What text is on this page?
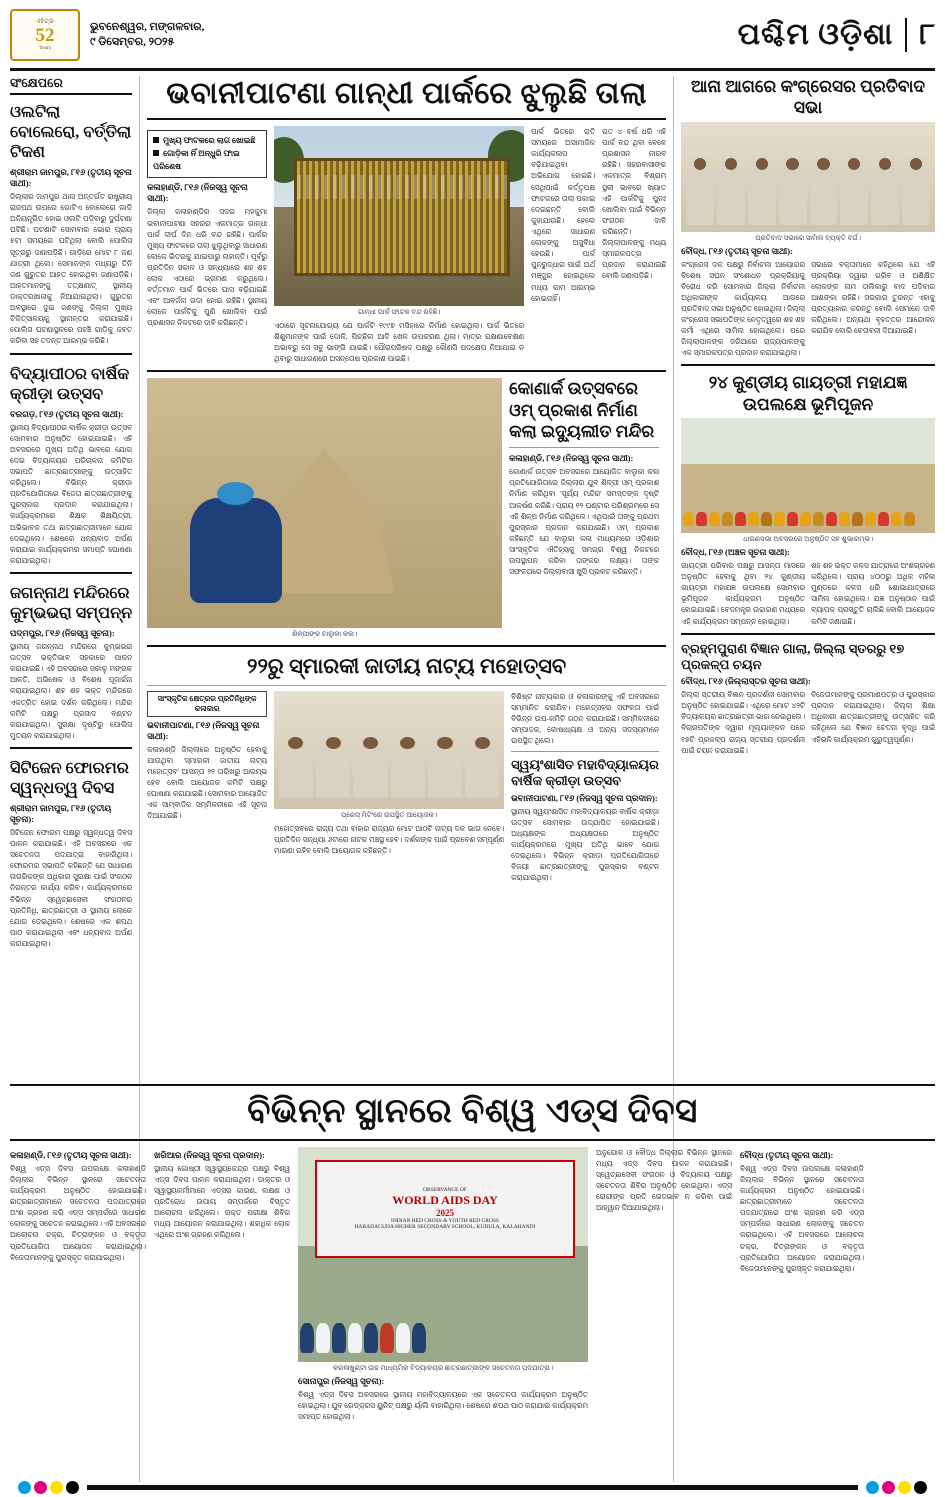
ଏହିତ୍ର
52
Years
ଭୁବନେଶ୍ୱର, ମଙ୍ଗଳବାର,
୯ ଡିସେମ୍ବର, ୨୦୨୫	ପଶ୍ଚିମ ଓଡ଼ିଶା ୮
ସଂକ୍ଷେପରେ
ଓଲଟିଲା ବୋଲେରୋ, ବର୍ତ୍ତିଲା ଟିକଣ
ଶ୍ରୀରାମ ଜାମପୁର, ୮୧୬ (ତୃତୀୟ ସୂଚନା ସାଥୀ):
ଜିଲ୍ଲାର ଜାମପୁର ଥାନା ଅନ୍ତର୍ଗତ ରାଷ୍ଟ୍ରୀୟ ରାଜପଥ ଉପରେ ଗୋଟିଏ ବୋଲେରୋ ଗାଡ଼ି ଅନିୟନ୍ତ୍ରିତ ହୋଇ ଓଲଟି ପଡ଼ିବାରୁ ଦୁର୍ଘଟଣା ଘଟିଛି। ଘଟଣାଟି ସୋମବାର ଭୋର ପ୍ରାୟ ୫ଟା ସମୟରେ ଘଟିଥିଲା ବୋଲି ପୋଲିସ ସୂତ୍ରରୁ ଜଣାପଡ଼ିଛି। ଗାଡ଼ିରେ ମୋଟ ୮ ଜଣ ଯାତ୍ରୀ ଥିଲେ। ସେମାନଙ୍କ ମଧ୍ୟରୁ ତିନି ଜଣ ଗୁରୁତର ଆହତ ହୋଇଥିବା ଜଣାପଡ଼ିଛି। ଆହତମାନଙ୍କୁ ତତ୍‌କ୍ଷଣାତ୍ ସ୍ଥାନୀୟ ଡାକ୍ତରଖାନାକୁ ନିଆଯାଇଥିଲା। ଗୁରୁତର ଅବସ୍ଥାରେ ଦୁଇ ଜଣଙ୍କୁ ଜିଲ୍ଲା ମୁଖ୍ୟ ଚିକିତ୍ସାଳୟକୁ ସ୍ଥାନାନ୍ତର କରାଯାଇଛି। ପୋଲିସ ଘଟଣାସ୍ଥଳରେ ପହଞ୍ଚି ଗାଡ଼ିକୁ ଜବତ କରିବା ସହ ତଦନ୍ତ ଆରମ୍ଭ କରିଛି।
ବିଦ୍ୟାପୀଠର ବାର୍ଷିକ କ୍ରୀଡ଼ା ଉତ୍ସବ
ବରଗଡ଼, ୮୧୬ (ତୃତୀୟ ସୂଚନା ସାଥୀ):
ସ୍ଥାନୀୟ ବିଦ୍ୟାପୀଠର ବାର୍ଷିକ କ୍ରୀଡ଼ା ଉତ୍ସବ ସୋମବାର ଅନୁଷ୍ଠିତ ହୋଇଯାଇଛି। ଏହି ଅବସରରେ ମୁଖ୍ୟ ଅତିଥି ଭାବରେ ଯୋଗ ଦେଇ ବିଦ୍ୟାଳୟର ପରିଚାଳନା କମିଟିର ସଭାପତି ଛାତ୍ରଛାତ୍ରୀଙ୍କୁ ଉତ୍ସାହିତ କରିଥିଲେ। ବିଭିନ୍ନ କ୍ରୀଡ଼ା ପ୍ରତିଯୋଗିତାରେ ବିଜେତା ଛାତ୍ରଛାତ୍ରୀଙ୍କୁ ପୁରସ୍କାର ପ୍ରଦାନ କରାଯାଇଥିଲା। କାର୍ଯ୍ୟକ୍ରମରେ ଶିକ୍ଷକ ଶିକ୍ଷୟିତ୍ରୀ, ଅଭିଭାବକ ତଥା ଛାତ୍ରଛାତ୍ରୀମାନେ ଯୋଗ ଦେଇଥିଲେ। ଶେଷରେ ଧନ୍ୟବାଦ ଅର୍ପଣ କରାଯାଇ କାର୍ଯ୍ୟକ୍ରମର ସମାପ୍ତି ଘୋଷଣା କରାଯାଇଥିଲା।
ଜଗନ୍ନାଥ ମନ୍ଦିରରେ କୁମ୍ଭଭରା ସମ୍ପନ୍ନ
ପଦ୍ମପୁର, ୮୧୬ (ନିଜସ୍ୱ ସୂଚନା):
ସ୍ଥାନୀୟ ଜଗନ୍ନାଥ ମନ୍ଦିରରେ କୁମ୍ଭଭରା ଉତ୍ସବ ଭକ୍ତିଭାବ ସହକାରେ ପାଳନ କରାଯାଇଛି। ଏହି ଅବସରରେ ସକାଳୁ ମଙ୍ଗଳ ଆଳତି, ଅଭିଷେକ ଓ ବିଶେଷ ପୂଜାର୍ଚ୍ଚନା କରାଯାଇଥିଲା। ଶହ ଶହ ଭକ୍ତ ମନ୍ଦିରରେ ଏକତ୍ରିତ ହୋଇ ଦର୍ଶନ କରିଥିଲେ। ମନ୍ଦିର କମିଟି ପକ୍ଷରୁ ପ୍ରସାଦ ବଣ୍ଟନ କରାଯାଇଥିଲା। ସୁରକ୍ଷା ଦୃଷ୍ଟିରୁ ପୋଲିସ ମୁତୟନ କରାଯାଇଥିଲା।
ସିଟିଜେନ ଫୋରମର ସ୍ୱନ୍ଧତ୍ୱ ଦିବସ
ଶ୍ରୀରାମ ଜାମପୁର, ୮୧୬ (ତୃତୀୟ ସୂଚନା):
ସିଟିଜେନ ଫୋରମ ପକ୍ଷରୁ ସ୍ୱନ୍ଧତ୍ୱ ଦିବସ ପାଳନ କରାଯାଇଛି। ଏହି ଅବସରରେ ଏକ ସଚେତନତା ପଦଯାତ୍ରା ବାହାରିଥିଲା। ଫୋରମର ସଭାପତି କହିଛନ୍ତି ଯେ ସାଧାରଣ ନାଗରିକଙ୍କ ଅଧିକାର ସୁରକ୍ଷା ପାଇଁ ସଂଗଠନ ନିରନ୍ତର କାର୍ଯ୍ୟ କରିବ। କାର୍ଯ୍ୟକ୍ରମରେ ବିଭିନ୍ନ ସ୍ୱେଚ୍ଛାସେବୀ ସଂଗଠନର ପ୍ରତିନିଧି, ଛାତ୍ରଛାତ୍ରୀ ଓ ସ୍ଥାନୀୟ ଲୋକେ ଯୋଗ ଦେଇଥିଲେ। ଶେଷରେ ଏକ ଶପଥ ପାଠ କରାଯାଇଥିଲା ଏବଂ ଧନ୍ୟବାଦ ଅର୍ପଣ କରାଯାଇଥିଲା।
ଭବାନୀପାଟଣା ଗାନ୍ଧୀ ପାର୍କରେ ଝୁଲୁଛି ତାଲା
ମୁଖ୍ୟ ଫାଟକରେ ଲାଗ ଖୋଇଛି
ଗୋଡ଼ିକା ନିଁ ଅନ୍ଧୁରି ଫାଇ ପରିଶେଷ
କଳାହାଣ୍ଡି, ୮୧୬ (ନିଜସ୍ୱ ସୂଚନା ସାଥୀ):
ଜିଲ୍ଲା କଳାହାଣ୍ଡିର ସଦର ମହକୁମା ଭବାନୀପାଟଣା ସହରର ଏକମାତ୍ର ଗାନ୍ଧୀ ପାର୍କ ଦୀର୍ଘ ଦିନ ଧରି ବନ୍ଦ ରହିଛି। ପାର୍କର ମୁଖ୍ୟ ଫାଟକରେ ତାଲା ଝୁଲୁଥିବାରୁ ସାଧାରଣ ଲୋକେ ଭିତରକୁ ଯାଇପାରୁ ନାହାନ୍ତି। ପୂର୍ବରୁ ପ୍ରତିଦିନ ସକାଳ ଓ ସନ୍ଧ୍ୟାରେ ଶହ ଶହ ଲୋକ ଏଠାରେ ଭ୍ରମଣ କରୁଥିଲେ। ବର୍ତ୍ତମାନ ପାର୍କ ଭିତରେ ଘାସ ବଢ଼ିଯାଇଛି ଏବଂ ଆବର୍ଜନା ଗଦା ହୋଇ ରହିଛି। ସ୍ଥାନୀୟ ଲୋକେ ପାର୍କଟିକୁ ପୁଣି ଖୋଲିବା ପାଇଁ ପ୍ରଶାସନ ନିକଟରେ ଦାବି କରିଛନ୍ତି।
ଗାନ୍ଧୀ ପାର୍କ ଫାଟକ ବନ୍ଦ ରହିଛି।
ଏଠାରେ ସୂଚନାଯୋଗ୍ୟ ଯେ ପାର୍କଟି ୧୯୯୭ ମସିହାରେ ନିର୍ମାଣ ହୋଇଥିଲା। ପାର୍କ ଭିତରେ ଶିଶୁମାନଙ୍କ ପାଇଁ ଦୋଳି, ପିଚ୍ଛିଲ ଆଦି ଖେଳ ଉପକରଣ ଥିଲା। ମାତ୍ର ରକ୍ଷଣାବେକ୍ଷଣ ଅଭାବରୁ ସେ ସବୁ ଭାଙ୍ଗି ଯାଇଛି। ପୌରପରିଷଦ ପକ୍ଷରୁ କୌଣସି ପଦକ୍ଷେପ ନିଆଯାଇ ନ ଥିବାରୁ ସାଧାରଣରେ ଅସନ୍ତୋଷ ପ୍ରକାଶ ପାଇଛି।
ପାର୍କ ଭିତରେ ରାତି ସମୟରେ ଅସାମାଜିକ କାର୍ଯ୍ୟକଳାପ ବଢ଼ିଯାଇଥିବା ଅଭିଯୋଗ ହୋଇଛି। ସେଥିପାଇଁ କର୍ତ୍ତୃପକ୍ଷ ଫାଟକରେ ତାଲା ପକାଇ ଦେଇଛନ୍ତି ବୋଲି କୁହାଯାଉଛି। ହେଲେ ଏଥିରେ ସାଧାରଣ ଲୋକଙ୍କୁ ଅସୁବିଧା ହେଉଛି। ପାର୍କ ପୁନରୁଦ୍ଧାର ପାଇଁ ଅର୍ଥ ମଞ୍ଜୁର ହୋଇଥିଲେ ମଧ୍ୟ କାମ ଆରମ୍ଭ ହୋଇନାହିଁ।
ଗତ ୪ ବର୍ଷ ଧରି ଏହି ପାର୍କ ବନ୍ଦ ଥିବା ବେଳେ ପ୍ରଶାସନ ନୀରବ ରହିଛି। ସହରବାସୀଙ୍କ ଏକମାତ୍ର ବିଶ୍ରାମ ସ୍ଥଳୀ ଭାବରେ ଖ୍ୟାତ ଏହି ପାର୍କଟିକୁ ପୁନଃ ଖୋଲିବା ପାଇଁ ବିଭିନ୍ନ ସଂଗଠନ ଦାବି କରିଛନ୍ତି। ଜିଲ୍ଲାପାଳଙ୍କୁ ମଧ୍ୟ ସ୍ମାରକପତ୍ର ପ୍ରଦାନ କରାଯାଇଛି ବୋଲି ଜଣାପଡ଼ିଛି।
ଶିଳ୍ପୀଙ୍କ ବାଲୁକା କଳା।
କୋଣାର୍କ ଉତ୍ସବରେ ଓମ୍ ପ୍ରକାଶ ନିର୍ମାଣ କଲା ଇଦ୍ୟୁଲୀତ ମନ୍ଦିର
କଳାହାଣ୍ଡି, ୮୧୬ (ନିଜସ୍ୱ ସୂଚନା ସାଥୀ):
କୋଣାର୍କ ଉତ୍ସବ ଅବସରରେ ଆୟୋଜିତ ବାଲୁକା କଳା ପ୍ରତିଯୋଗିତାରେ ଜିଲ୍ଲାର ଯୁବ ଶିଳ୍ପୀ ଓମ୍ ପ୍ରକାଶ ନିର୍ମାଣ କରିଥିବା 'ସୂର୍ଯ୍ୟ ମନ୍ଦିର' ସମସ୍ତଙ୍କ ଦୃଷ୍ଟି ଆକର୍ଷଣ କରିଛି। ପ୍ରାୟ ୧୨ ଘଣ୍ଟାର ପରିଶ୍ରମରେ ସେ ଏହି ଶିଳ୍ପ ନିର୍ମାଣ କରିଥିଲେ। ଏଥିପାଇଁ ତାଙ୍କୁ ପ୍ରଥମ ପୁରସ୍କାର ପ୍ରଦାନ କରାଯାଇଛି। ଓମ୍ ପ୍ରକାଶ କହିଛନ୍ତି ଯେ ବାଲୁକା କଳା ମାଧ୍ୟମରେ ଓଡ଼ିଶାର ସାଂସ୍କୃତିକ ଐତିହ୍ୟକୁ ସମଗ୍ର ବିଶ୍ୱ ନିକଟରେ ଉପସ୍ଥାପନ କରିବା ତାଙ୍କର ଲକ୍ଷ୍ୟ। ତାଙ୍କ ସଫଳତାରେ ଜିଲ୍ଲାବାସୀ ଖୁସି ପ୍ରକଟ କରିଛନ୍ତି।
୨୨ରୁ ସ୍ମାରକୀ ଜାତୀୟ ନାଟ୍ୟ ମହୋତ୍ସବ
ସାଂସ୍କୃତିକ କ୍ଷେତ୍ରର ପ୍ରତିନିଧିଙ୍କ କଳାକାର
ଭବାନୀପାଟଣା, ୮୧୬ (ନିଜସ୍ୱ ସୂଚନା ସାଥୀ):
କଳାହାଣ୍ଡି ଜିଲ୍ଲାରେ ଅନୁଷ୍ଠିତ ହେବାକୁ ଯାଉଥିବା 'ସ୍ମାରକୀ ଜାତୀୟ ନାଟ୍ୟ ମହୋତ୍ସବ' ଆସନ୍ତା ୨୨ ତାରିଖରୁ ଆରମ୍ଭ ହେବ ବୋଲି ଆୟୋଜକ କମିଟି ପକ୍ଷରୁ ଘୋଷଣା କରାଯାଇଛି। ସୋମବାର ଆୟୋଜିତ ଏକ ସାମ୍ବାଦିକ ସମ୍ମିଳନୀରେ ଏହି ସୂଚନା ଦିଆଯାଇଛି।	ପ୍ରେସ୍ ମିଟିଂରେ ଉପସ୍ଥିତ ଆୟୋଜକ।
ମହୋତ୍ସବରେ ରାଜ୍ୟ ତଥା ବାହାର ରାଜ୍ୟର ମୋଟ ଆଠଟି ନାଟ୍ୟ ଦଳ ଭାଗ ନେବେ। ପ୍ରତିଦିନ ସନ୍ଧ୍ୟା ୬ଟାରେ ନାଟକ ମଞ୍ଚସ୍ଥ ହେବ। ଦର୍ଶକଙ୍କ ପାଇଁ ପ୍ରବେଶ ସମ୍ପୂର୍ଣ୍ଣ ମାଗଣା ରହିବ ବୋଲି ଆୟୋଜକ କହିଛନ୍ତି।
ବିଶିଷ୍ଟ ନାଟ୍ୟକାର ଓ କଳାକାରଙ୍କୁ ଏହି ଅବସରରେ ସମ୍ମାନିତ କରାଯିବ। ମହୋତ୍ସବର ସଫଳତା ପାଇଁ ବିଭିନ୍ନ ଉପ-କମିଟି ଗଠନ କରାଯାଇଛି। ସମ୍ମିଳନୀରେ ସମ୍ପାଦକ, କୋଷାଧ୍ୟକ୍ଷ ଓ ଅନ୍ୟ ସଦସ୍ୟମାନେ ଉପସ୍ଥିତ ଥିଲେ।
ସ୍ୱୟଂଶାସିତ ମହାବିଦ୍ୟାଳୟର ବାର୍ଷିକ କ୍ରୀଡ଼ା ଉତ୍ସବ
ଭବାନୀପାଟଣା, ୮୧୬ (ନିଜସ୍ୱ ସୂଚନା ପ୍ରଦାନ):
ସ୍ଥାନୀୟ ସ୍ୱୟଂଶାସିତ ମହାବିଦ୍ୟାଳୟର ବାର୍ଷିକ କ୍ରୀଡ଼ା ଉତ୍ସବ ସୋମବାର ଉଦ୍‌ଯାପିତ ହୋଇଯାଇଛି। ଅଧ୍ୟକ୍ଷଙ୍କ ଅଧ୍ୟକ୍ଷତାରେ ଅନୁଷ୍ଠିତ କାର୍ଯ୍ୟକ୍ରମରେ ମୁଖ୍ୟ ଅତିଥି ଭାବେ ଯୋଗ ଦେଇଥିଲେ। ବିଭିନ୍ନ କ୍ରୀଡ଼ା ପ୍ରତିଯୋଗିତାରେ ବିଜୟୀ ଛାତ୍ରଛାତ୍ରୀଙ୍କୁ ପୁରସ୍କାର ବଣ୍ଟନ କରାଯାଇଥିଲା।
ଆନା ଆଗରେ କଂଗ୍ରେସର ପ୍ରତିବାଦ ସଭା
ପ୍ରତିବାଦ ସଭାରେ ସାମିଲ ବ୍ୟକ୍ତି ବର୍ଗ।
ବୌଦ୍ଧ, ୮୧୬ (ତୃତୀୟ ସୂଚନା ସାଥୀ):
କଂଗ୍ରେସ ଦଳ ପକ୍ଷରୁ ନିର୍ବାଚନୀ ଆୟୋଗର ବିଶେଷ ସଘନ ସଂଶୋଧନ ପ୍ରକ୍ରିୟାକୁ ବିରୋଧ କରି ସୋମବାର ଜିଲ୍ଲା ନିର୍ବାଚନୀ ଅଧିକାରୀଙ୍କ କାର୍ଯ୍ୟାଳୟ ଆଗରେ ପ୍ରତିବାଦ ସଭା ଅନୁଷ୍ଠିତ ହୋଇଥିଲା। ଜିଲ୍ଲା କଂଗ୍ରେସ ସଭାପତିଙ୍କ ନେତୃତ୍ୱରେ ଶହ ଶହ କର୍ମୀ ଏଥିରେ ସାମିଲ ହୋଇଥିଲେ। ପରେ ଜିଲ୍ଲାପାଳଙ୍କ ଜରିଆରେ ରାଜ୍ୟପାଳଙ୍କୁ ଏକ ସ୍ମାରକପତ୍ର ପ୍ରଦାନ କରାଯାଇଥିଲା।
ସଭାରେ ବକ୍ତାମାନେ କହିଥିଲେ ଯେ ଏହି ପ୍ରକ୍ରିୟା ଦ୍ୱାରା ଗରିବ ଓ ଅଶିକ୍ଷିତ ଲୋକଙ୍କ ନାମ ତାଲିକାରୁ ବାଦ ପଡ଼ିବାର ଆଶଙ୍କା ରହିଛି। ସରକାର ତୁରନ୍ତ ଏହାକୁ ପ୍ରତ୍ୟାହାର କରନ୍ତୁ ବୋଲି ସେମାନେ ଦାବି କରିଥିଲେ। ଅନ୍ୟଥା ବୃହତ୍ତର ଆନ୍ଦୋଳନ କରାଯିବ ବୋଲି ଚେତାବନୀ ଦିଆଯାଇଛି।
୨୪ କୁଣ୍ଡୀୟ ଗାୟତ୍ରୀ ମହାଯଜ୍ଞ ଉପଲକ୍ଷେ ଭୂମିପୂଜନ
ଧାରଣସଭା ଅବସରରେ ଅନୁଷ୍ଠିତ ସହ ଶୁଭାରମ୍ଭ।
ବୌଦ୍ଧ, ୮୧୬ (ଅଞ୍ଚଳ ସୂଚନା ସାଥୀ):
ଗାୟତ୍ରୀ ପରିବାର ପକ୍ଷରୁ ଆସନ୍ତା ମାସରେ ଅନୁଷ୍ଠିତ ହେବାକୁ ଥିବା ୨୪ କୁଣ୍ଡୀୟ ଗାୟତ୍ରୀ ମହାଯଜ୍ଞ ଉପଲକ୍ଷେ ସୋମବାର ଭୂମିପୂଜନ କାର୍ଯ୍ୟକ୍ରମ ଅନୁଷ୍ଠିତ ହୋଇଯାଇଛି। ବେଦମନ୍ତ୍ର ଉଚ୍ଚାରଣ ମଧ୍ୟରେ ଏହି କାର୍ଯ୍ୟକ୍ରମ ସମ୍ପନ୍ନ ହୋଇଥିଲା।
ଶହ ଶହ ଭକ୍ତ କଳସ ଯାତ୍ରାରେ ଅଂଶଗ୍ରହଣ କରିଥିଲେ। ପ୍ରାୟ ୪୦୦ରୁ ଅଧିକ ମହିଳା ମୁଣ୍ଡରେ କଳସ ଧରି ଶୋଭାଯାତ୍ରାରେ ସାମିଲ ହୋଇଥିଲେ। ଯଜ୍ଞ ଅନୁଷ୍ଠାନ ପାଇଁ ବ୍ୟାପକ ପ୍ରସ୍ତୁତି ଚାଲିଛି ବୋଲି ଆୟୋଜକ କମିଟି ଜଣାଇଛି।
ବ୍ରହ୍ମପୁରାଣ ବିଜ୍ଞାନ ଗାଲା, ଜିଲ୍ଲା ସ୍ତରରୁ ୧୭ ପ୍ରକଳ୍ପ ଚୟନ
ବୌଦ୍ଧ, ୮୧୬ (ଜିଲ୍ଲାସ୍ତର ସୂଚନା ସାଥୀ):
ଜିଲ୍ଲା ସ୍ତରୀୟ ବିଜ୍ଞାନ ପ୍ରଦର୍ଶନୀ ସୋମବାର ଅନୁଷ୍ଠିତ ହୋଇଯାଇଛି। ଏଥିରେ ମୋଟ ୪୨ଟି ବିଦ୍ୟାଳୟର ଛାତ୍ରଛାତ୍ରୀ ଭାଗ ନେଇଥିଲେ। ବିଚାରପତିଙ୍କ ଦ୍ୱାରା ମୂଲ୍ୟାଙ୍କନ ପରେ ୧୭ଟି ପ୍ରକଳ୍ପ ରାଜ୍ୟ ସ୍ତରୀୟ ପ୍ରଦର୍ଶନୀ ପାଇଁ ଚୟନ କରାଯାଇଛି।
ବିଜେତାମାନଙ୍କୁ ପ୍ରମାଣପତ୍ର ଓ ପୁରସ୍କାର ପ୍ରଦାନ କରାଯାଇଥିଲା। ଜିଲ୍ଲା ଶିକ୍ଷା ଅଧିକାରୀ ଛାତ୍ରଛାତ୍ରୀଙ୍କୁ ଉତ୍ସାହିତ କରି କହିଥିଲେ ଯେ ବିଜ୍ଞାନ ଚେତନା ବୃଦ୍ଧି ପାଇଁ ଏହିଭଳି କାର୍ଯ୍ୟକ୍ରମ ଗୁରୁତ୍ୱପୂର୍ଣ୍ଣ।
ବିଭିନ୍ନ ସ୍ଥାନରେ ବିଶ୍ୱ ଏଡ୍‌ସ ଦିବସ
କଳାହାଣ୍ଡି, ୮୧୬ (ତୃତୀୟ ସୂଚନା ସାଥୀ):
ବିଶ୍ୱ ଏଡ୍‌ସ ଦିବସ ଉପଲକ୍ଷେ କଳାହାଣ୍ଡି ଜିଲ୍ଲାର ବିଭିନ୍ନ ସ୍ଥାନରେ ସଚେତନତା କାର୍ଯ୍ୟକ୍ରମ ଅନୁଷ୍ଠିତ ହୋଇଯାଇଛି। ଛାତ୍ରଛାତ୍ରୀମାନେ ସଚେତନତା ପଦଯାତ୍ରାରେ ଅଂଶ ଗ୍ରହଣ କରି ଏଡ୍‌ସ ସମ୍ପର୍କରେ ସାଧାରଣ ଲୋକଙ୍କୁ ସଚେତନ କରାଇଥିଲେ। ଏହି ଅବସରରେ ଆଲୋଚନା ଚକ୍ର, ଚିତ୍ରାଙ୍କନ ଓ ବକ୍ତୃତା ପ୍ରତିଯୋଗିତା ଆୟୋଜନ କରାଯାଇଥିଲା। ବିଜେତାମାନଙ୍କୁ ପୁରସ୍କୃତ କରାଯାଇଥିଲା।
ଖରିଆର (ନିଜସ୍ୱ ସୂଚନା ପ୍ରଦାନ):
ସ୍ଥାନୀୟ ଗୋଷ୍ଠୀ ସ୍ୱାସ୍ଥ୍ୟକେନ୍ଦ୍ର ପକ୍ଷରୁ ବିଶ୍ୱ ଏଡ୍‌ସ ଦିବସ ପାଳନ କରାଯାଇଥିଲା। ଡାକ୍ତର ଓ ସ୍ୱାସ୍ଥ୍ୟକର୍ମୀମାନେ ଏଡ୍‌ସର କାରଣ, ଲକ୍ଷଣ ଓ ପ୍ରତିରୋଧ ଉପାୟ ସମ୍ପର୍କରେ ବିସ୍ତୃତ ଆଲୋଚନା କରିଥିଲେ। ରକ୍ତ ପରୀକ୍ଷା ଶିବିର ମଧ୍ୟ ଆୟୋଜନ କରାଯାଇଥିଲା। ଶହାଧିକ ଲୋକ ଏଥିରେ ଅଂଶ ଗ୍ରହଣ କରିଥିଲେ।
OBSERVANCE OF
WORLD AIDS DAY
2025
INDIAN RED CROSS & YOUTH RED CROSS
HARADAGUDA HIGHER SECONDARY SCHOOL, KUDULA, KALAHANDI
କରଳାଖୁଣ୍ଟା ଉଚ୍ଚ ମାଧ୍ୟମିକ ବିଦ୍ୟାଳୟର ଛାତ୍ରଛାତ୍ରୀଙ୍କ ସଚେତନତା ପଦଯାତ୍ରା।
ସୋନାପୁର (ନିଜସ୍ୱ ସୂଚନା):
ବିଶ୍ୱ ଏଡ୍‌ସ ଦିବସ ଅବସରରେ ସ୍ଥାନୀୟ ମହାବିଦ୍ୟାଳୟରେ ଏକ ସଚେତନତା କାର୍ଯ୍ୟକ୍ରମ ଅନୁଷ୍ଠିତ ହୋଇଥିଲା। ଯୁବ ରେଡ୍‌କ୍ରସ ୟୁନିଟ୍ ପକ୍ଷରୁ ର୍ୟାଲି ବାହାରିଥିଲା। ଶେଷରେ ଶପଥ ପାଠ କରାଯାଇ କାର୍ଯ୍ୟକ୍ରମ ସମାପ୍ତ ହୋଇଥିଲା।
ଅନୁଗୋଳ ଓ ବୌଦ୍ଧ ଜିଲ୍ଲାର ବିଭିନ୍ନ ସ୍ଥାନରେ ମଧ୍ୟ ଏଡ୍‌ସ ଦିବସ ପାଳନ କରାଯାଇଛି। ସ୍ୱେଚ୍ଛାସେବୀ ସଂଗଠନ ଓ ବିଦ୍ୟାଳୟ ପକ୍ଷରୁ ସଚେତନତା ଶିବିର ଅନୁଷ୍ଠିତ ହୋଇଥିଲା। ଏଡ୍‌ସ ରୋଗୀଙ୍କ ପ୍ରତି ଭେଦଭାବ ନ କରିବା ପାଇଁ ଆହ୍ୱାନ ଦିଆଯାଇଥିଲା।
ବୌଦ୍ଧ (ତୃତୀୟ ସୂଚନା ସାଥୀ):
ବିଶ୍ୱ ଏଡ୍‌ସ ଦିବସ ଉପଲକ୍ଷେ କଳାହାଣ୍ଡି ଜିଲ୍ଲାର ବିଭିନ୍ନ ସ୍ଥାନରେ ସଚେତନତା କାର୍ଯ୍ୟକ୍ରମ ଅନୁଷ୍ଠିତ ହୋଇଯାଇଛି। ଛାତ୍ରଛାତ୍ରୀମାନେ ସଚେତନତା ପଦଯାତ୍ରାରେ ଅଂଶ ଗ୍ରହଣ କରି ଏଡ୍‌ସ ସମ୍ପର୍କରେ ସାଧାରଣ ଲୋକଙ୍କୁ ସଚେତନ କରାଇଥିଲେ। ଏହି ଅବସରରେ ଆଲୋଚନା ଚକ୍ର, ଚିତ୍ରାଙ୍କନ ଓ ବକ୍ତୃତା ପ୍ରତିଯୋଗିତା ଆୟୋଜନ କରାଯାଇଥିଲା। ବିଜେତାମାନଙ୍କୁ ପୁରସ୍କୃତ କରାଯାଇଥିଲା।
